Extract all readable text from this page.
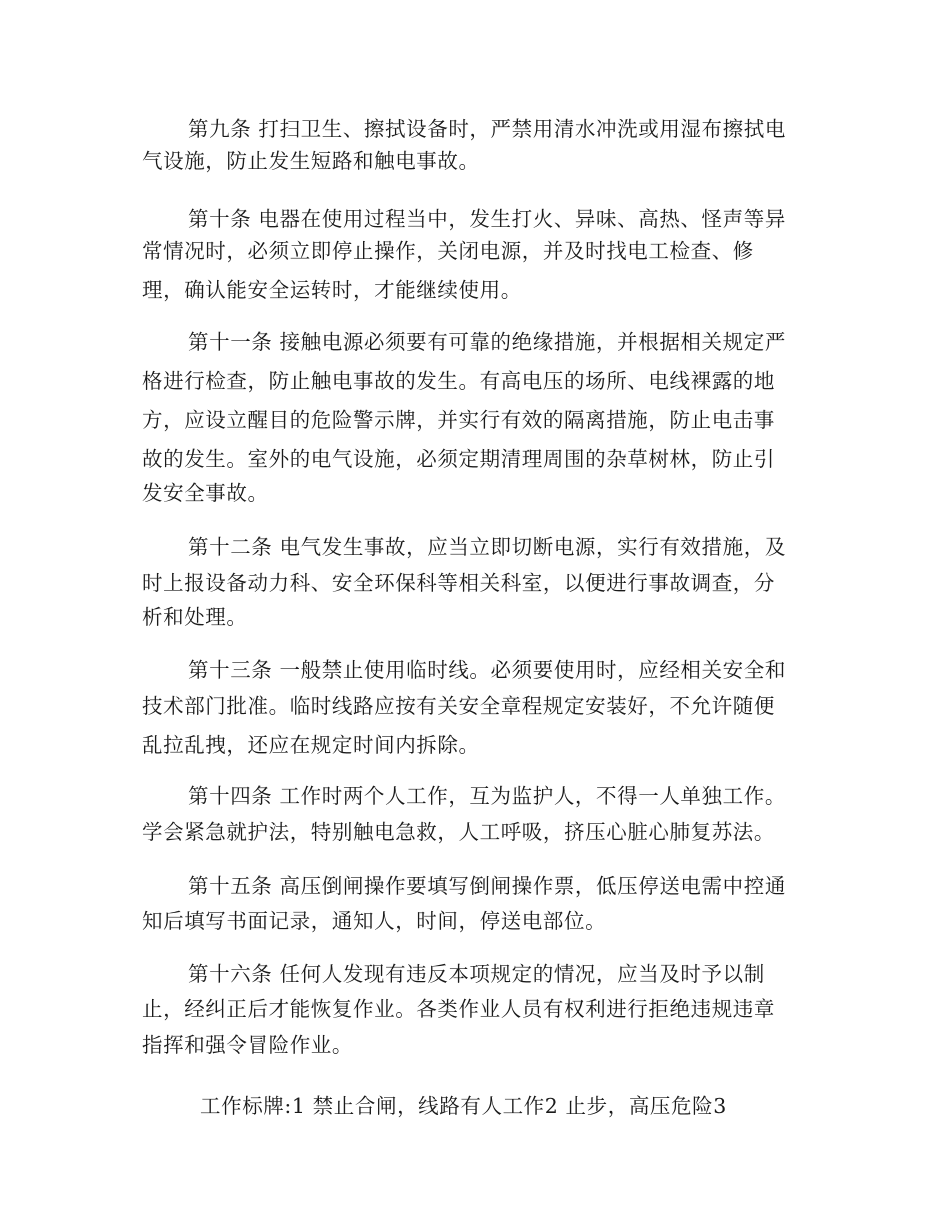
第九条 打扫卫生、擦拭设备时，严禁用清水冲洗或用湿布擦拭电
气设施，防止发生短路和触电事故。
第十条 电器在使用过程当中，发生打火、异味、高热、怪声等异
常情况时，必须立即停止操作，关闭电源，并及时找电工检查、修
理，确认能安全运转时，才能继续使用。
第十一条 接触电源必须要有可靠的绝缘措施，并根据相关规定严
格进行检查，防止触电事故的发生。有高电压的场所、电线裸露的地
方，应设立醒目的危险警示牌，并实行有效的隔离措施，防止电击事
故的发生。室外的电气设施，必须定期清理周围的杂草树林，防止引
发安全事故。
第十二条 电气发生事故，应当立即切断电源，实行有效措施，及
时上报设备动力科、安全环保科等相关科室，以便进行事故调查，分
析和处理。
第十三条 一般禁止使用临时线。必须要使用时，应经相关安全和
技术部门批准。临时线路应按有关安全章程规定安装好，不允许随便
乱拉乱拽，还应在规定时间内拆除。
第十四条 工作时两个人工作，互为监护人，不得一人单独工作。
学会紧急就护法，特别触电急救，人工呼吸，挤压心脏心肺复苏法。
第十五条 高压倒闸操作要填写倒闸操作票，低压停送电需中控通
知后填写书面记录，通知人，时间，停送电部位。
第十六条 任何人发现有违反本项规定的情况，应当及时予以制
止，经纠正后才能恢复作业。各类作业人员有权利进行拒绝违规违章
指挥和强令冒险作业。
工作标牌:1 禁止合闸，线路有人工作2 止步，高压危险3
